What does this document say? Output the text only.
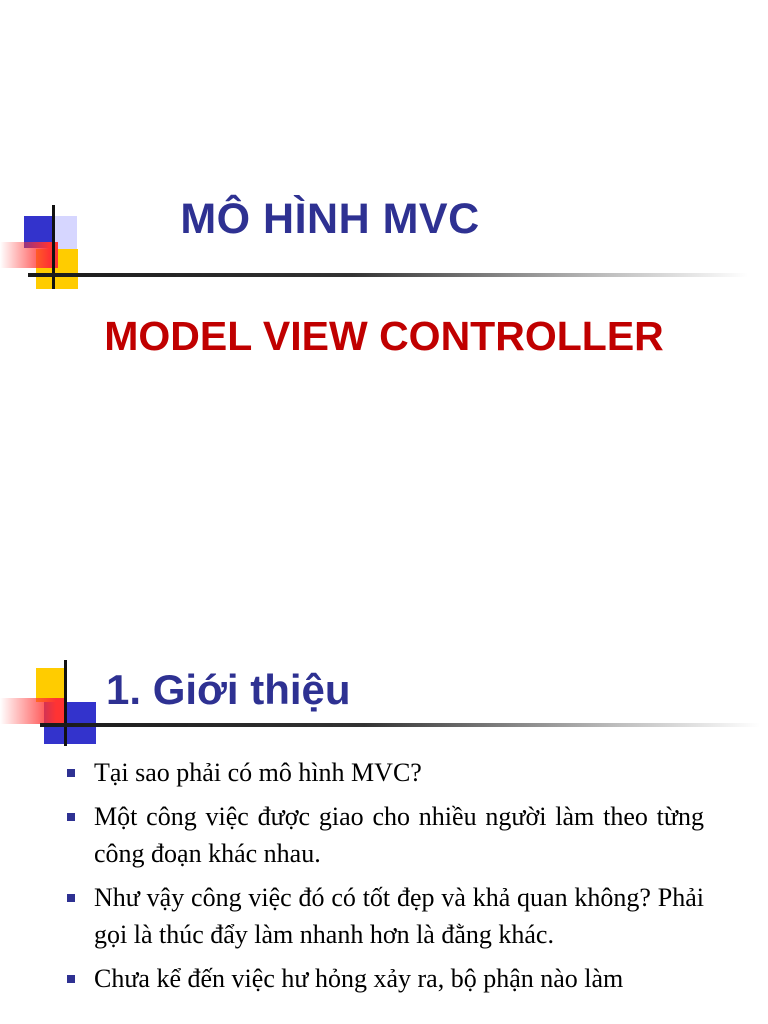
MÔ HÌNH MVC
MODEL VIEW CONTROLLER
1. Giới thiệu
Tại sao phải có mô hình MVC?
Một công việc được giao cho nhiều người làm theo từng công đoạn khác nhau.
Như vậy công việc đó có tốt đẹp và khả quan không? Phải gọi là thúc đẩy làm nhanh hơn là đằng khác.
Chưa kể đến việc hư hỏng xảy ra, bộ phận nào làm
